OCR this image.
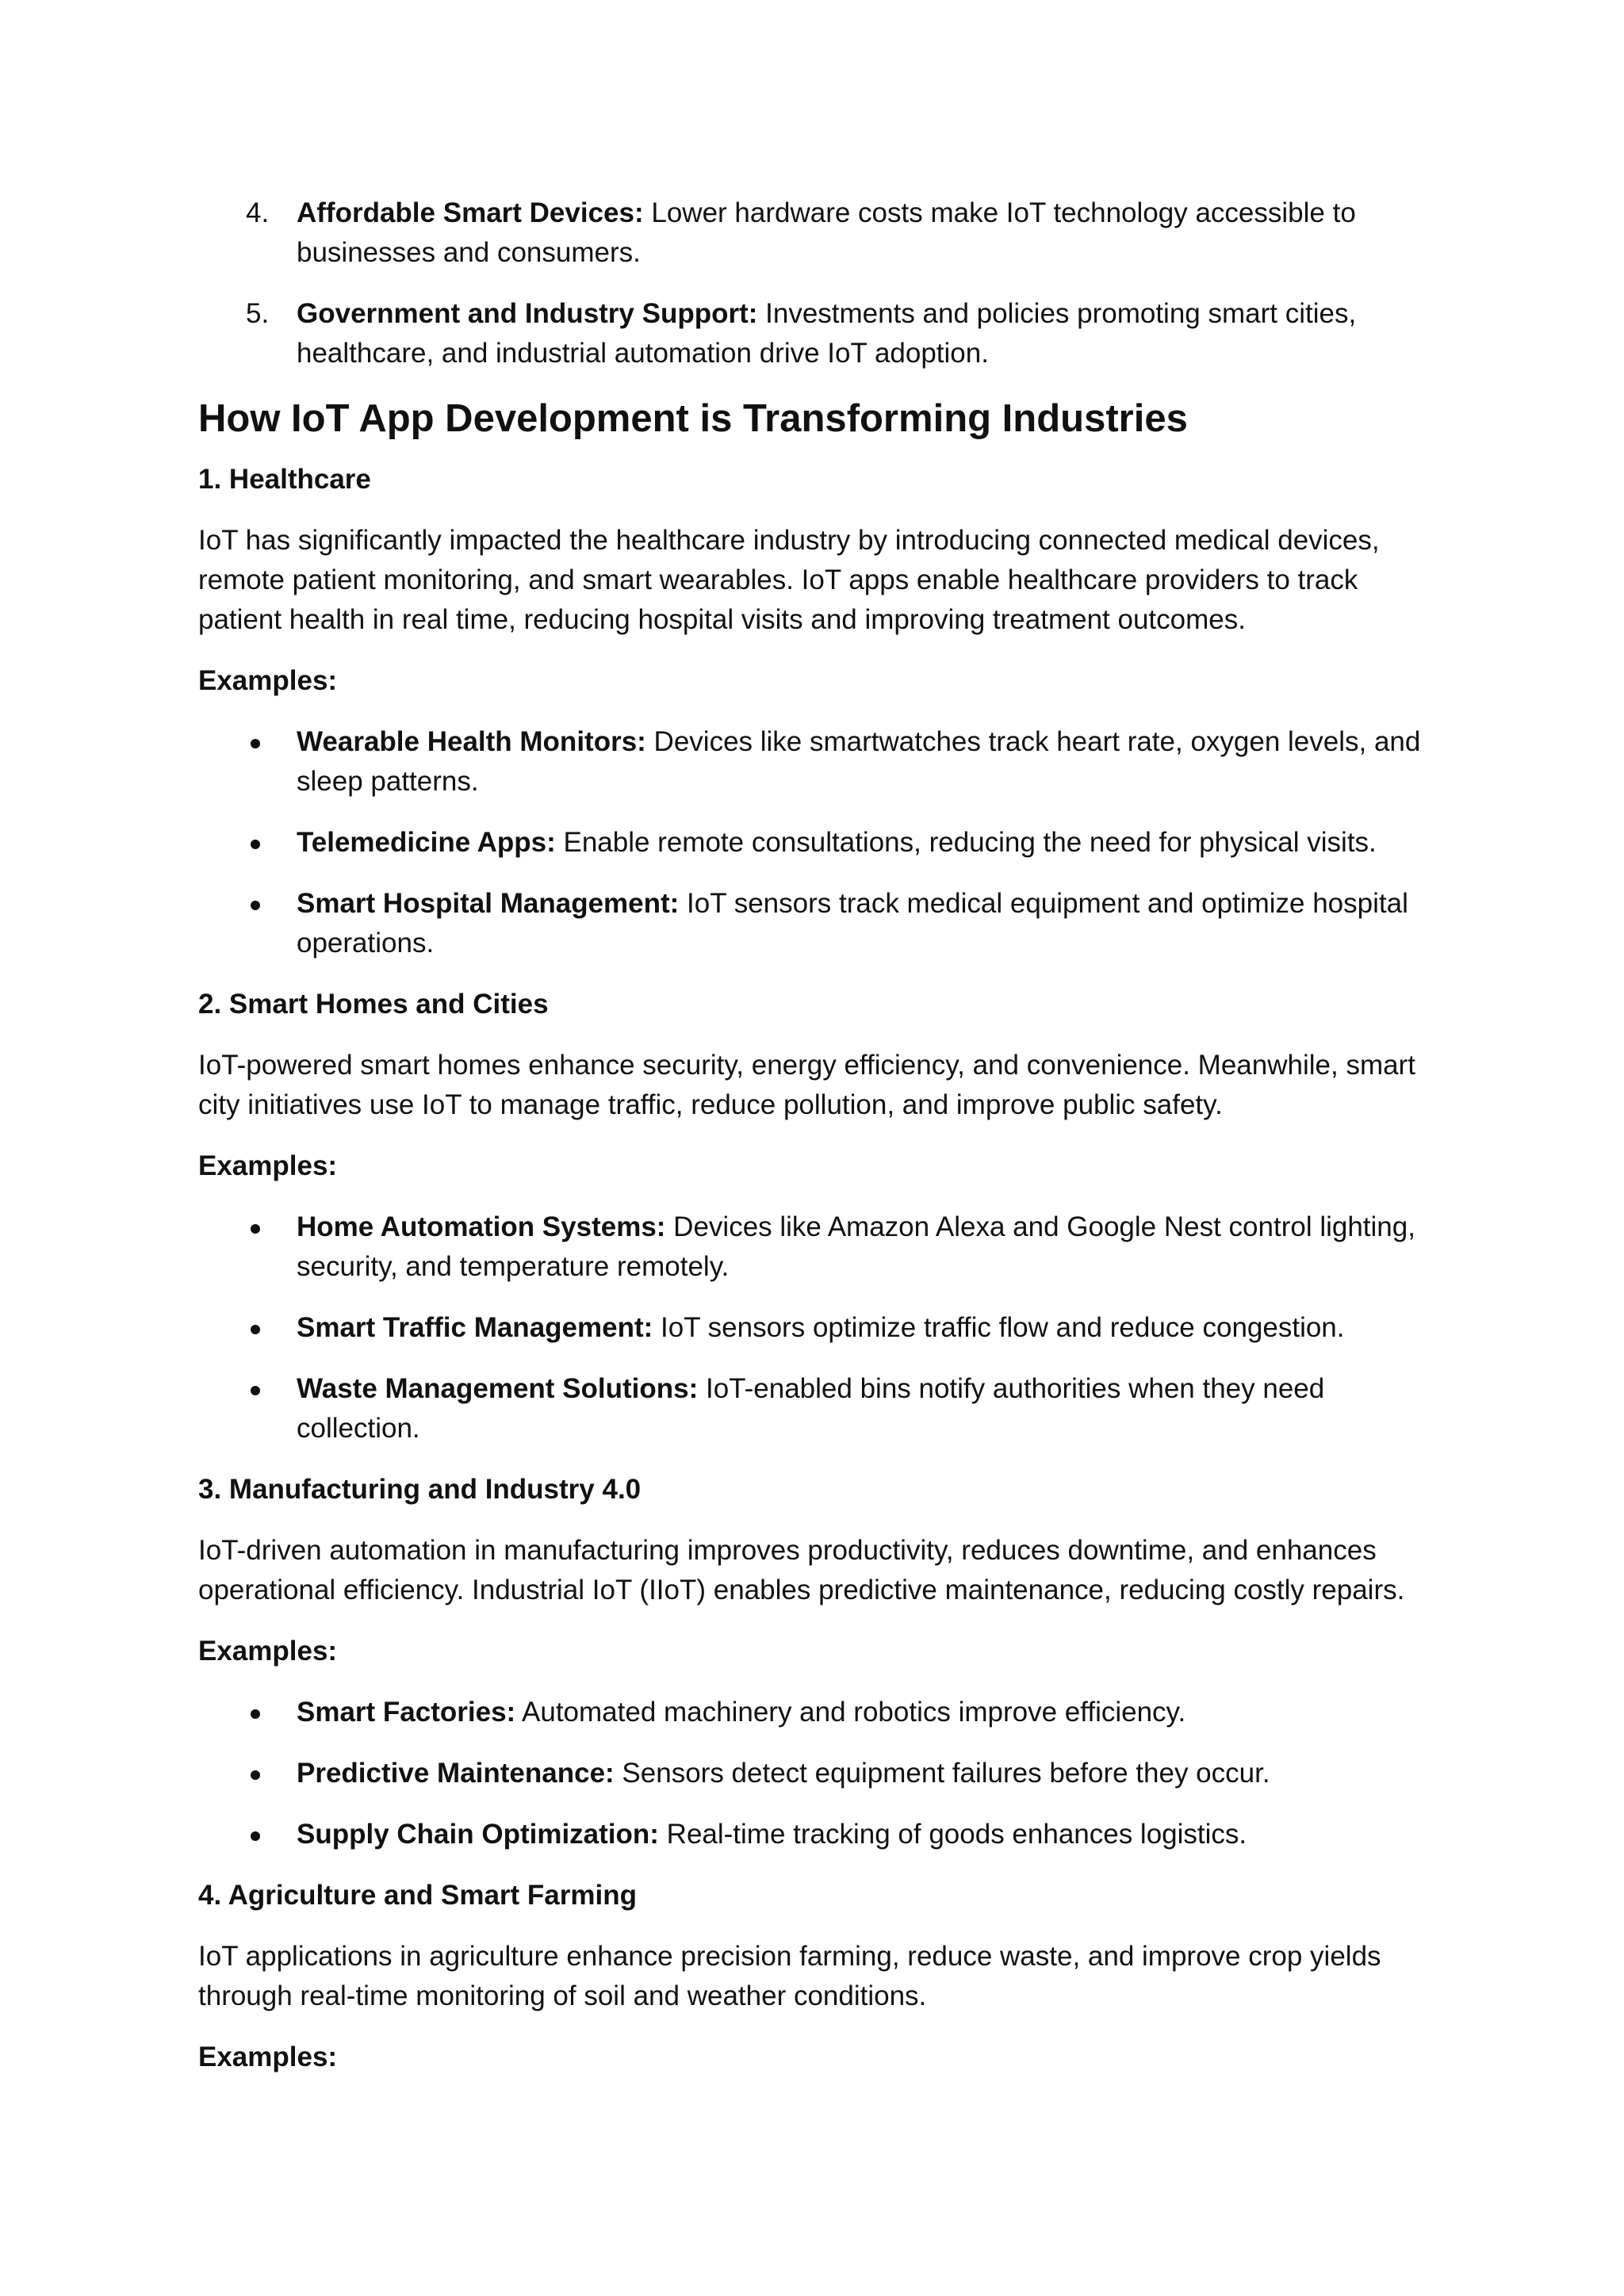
4. Affordable Smart Devices: Lower hardware costs make IoT technology accessible to businesses and consumers.
5. Government and Industry Support: Investments and policies promoting smart cities, healthcare, and industrial automation drive IoT adoption.
How IoT App Development is Transforming Industries
1. Healthcare

IoT has significantly impacted the healthcare industry by introducing connected medical devices, remote patient monitoring, and smart wearables. IoT apps enable healthcare providers to track patient health in real time, reducing hospital visits and improving treatment outcomes.

Examples:
Wearable Health Monitors: Devices like smartwatches track heart rate, oxygen levels, and sleep patterns.
Telemedicine Apps: Enable remote consultations, reducing the need for physical visits.
Smart Hospital Management: IoT sensors track medical equipment and optimize hospital operations.
2. Smart Homes and Cities

IoT-powered smart homes enhance security, energy efficiency, and convenience. Meanwhile, smart city initiatives use IoT to manage traffic, reduce pollution, and improve public safety.

Examples:
Home Automation Systems: Devices like Amazon Alexa and Google Nest control lighting, security, and temperature remotely.
Smart Traffic Management: IoT sensors optimize traffic flow and reduce congestion.
Waste Management Solutions: IoT-enabled bins notify authorities when they need collection.
3. Manufacturing and Industry 4.0

IoT-driven automation in manufacturing improves productivity, reduces downtime, and enhances operational efficiency. Industrial IoT (IIoT) enables predictive maintenance, reducing costly repairs.

Examples:
Smart Factories: Automated machinery and robotics improve efficiency.
Predictive Maintenance: Sensors detect equipment failures before they occur.
Supply Chain Optimization: Real-time tracking of goods enhances logistics.
4. Agriculture and Smart Farming

IoT applications in agriculture enhance precision farming, reduce waste, and improve crop yields through real-time monitoring of soil and weather conditions.

Examples:
